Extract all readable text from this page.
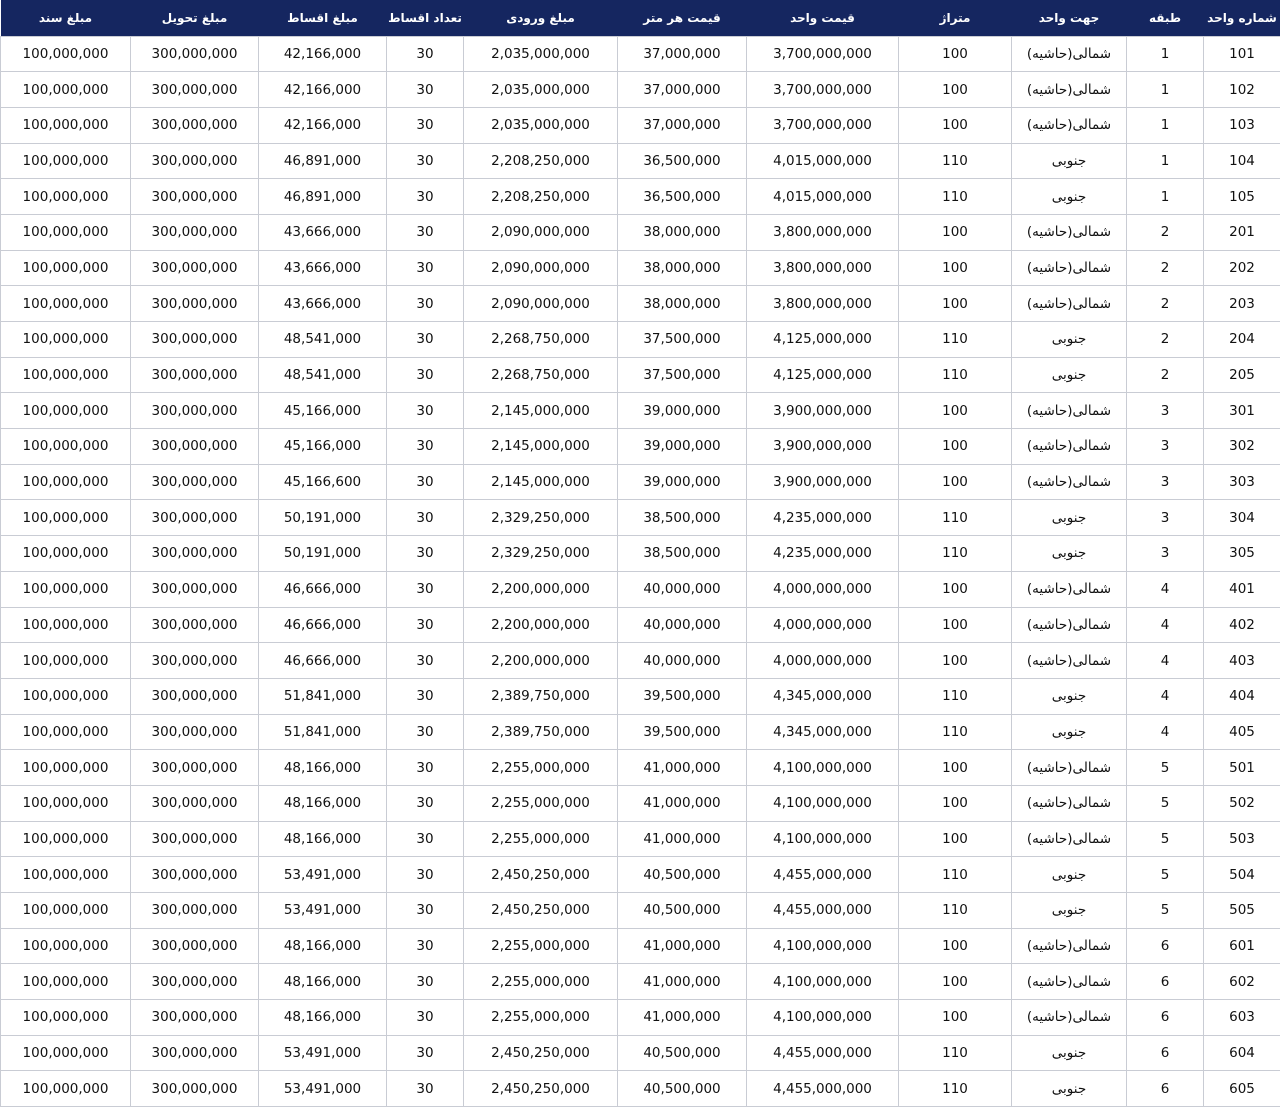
شماره واحد	طبقه	جهت واحد	متراژ	قیمت واحد	قیمت هر متر	مبلغ ورودی	تعداد اقساط	مبلغ اقساط	مبلغ تحویل	مبلغ سند
101	1	شمالی(حاشیه)	100	3,700,000,000	37,000,000	2,035,000,000	30	42,166,000	300,000,000	100,000,000
102	1	شمالی(حاشیه)	100	3,700,000,000	37,000,000	2,035,000,000	30	42,166,000	300,000,000	100,000,000
103	1	شمالی(حاشیه)	100	3,700,000,000	37,000,000	2,035,000,000	30	42,166,000	300,000,000	100,000,000
104	1	جنوبی	110	4,015,000,000	36,500,000	2,208,250,000	30	46,891,000	300,000,000	100,000,000
105	1	جنوبی	110	4,015,000,000	36,500,000	2,208,250,000	30	46,891,000	300,000,000	100,000,000
201	2	شمالی(حاشیه)	100	3,800,000,000	38,000,000	2,090,000,000	30	43,666,000	300,000,000	100,000,000
202	2	شمالی(حاشیه)	100	3,800,000,000	38,000,000	2,090,000,000	30	43,666,000	300,000,000	100,000,000
203	2	شمالی(حاشیه)	100	3,800,000,000	38,000,000	2,090,000,000	30	43,666,000	300,000,000	100,000,000
204	2	جنوبی	110	4,125,000,000	37,500,000	2,268,750,000	30	48,541,000	300,000,000	100,000,000
205	2	جنوبی	110	4,125,000,000	37,500,000	2,268,750,000	30	48,541,000	300,000,000	100,000,000
301	3	شمالی(حاشیه)	100	3,900,000,000	39,000,000	2,145,000,000	30	45,166,000	300,000,000	100,000,000
302	3	شمالی(حاشیه)	100	3,900,000,000	39,000,000	2,145,000,000	30	45,166,000	300,000,000	100,000,000
303	3	شمالی(حاشیه)	100	3,900,000,000	39,000,000	2,145,000,000	30	45,166,600	300,000,000	100,000,000
304	3	جنوبی	110	4,235,000,000	38,500,000	2,329,250,000	30	50,191,000	300,000,000	100,000,000
305	3	جنوبی	110	4,235,000,000	38,500,000	2,329,250,000	30	50,191,000	300,000,000	100,000,000
401	4	شمالی(حاشیه)	100	4,000,000,000	40,000,000	2,200,000,000	30	46,666,000	300,000,000	100,000,000
402	4	شمالی(حاشیه)	100	4,000,000,000	40,000,000	2,200,000,000	30	46,666,000	300,000,000	100,000,000
403	4	شمالی(حاشیه)	100	4,000,000,000	40,000,000	2,200,000,000	30	46,666,000	300,000,000	100,000,000
404	4	جنوبی	110	4,345,000,000	39,500,000	2,389,750,000	30	51,841,000	300,000,000	100,000,000
405	4	جنوبی	110	4,345,000,000	39,500,000	2,389,750,000	30	51,841,000	300,000,000	100,000,000
501	5	شمالی(حاشیه)	100	4,100,000,000	41,000,000	2,255,000,000	30	48,166,000	300,000,000	100,000,000
502	5	شمالی(حاشیه)	100	4,100,000,000	41,000,000	2,255,000,000	30	48,166,000	300,000,000	100,000,000
503	5	شمالی(حاشیه)	100	4,100,000,000	41,000,000	2,255,000,000	30	48,166,000	300,000,000	100,000,000
504	5	جنوبی	110	4,455,000,000	40,500,000	2,450,250,000	30	53,491,000	300,000,000	100,000,000
505	5	جنوبی	110	4,455,000,000	40,500,000	2,450,250,000	30	53,491,000	300,000,000	100,000,000
601	6	شمالی(حاشیه)	100	4,100,000,000	41,000,000	2,255,000,000	30	48,166,000	300,000,000	100,000,000
602	6	شمالی(حاشیه)	100	4,100,000,000	41,000,000	2,255,000,000	30	48,166,000	300,000,000	100,000,000
603	6	شمالی(حاشیه)	100	4,100,000,000	41,000,000	2,255,000,000	30	48,166,000	300,000,000	100,000,000
604	6	جنوبی	110	4,455,000,000	40,500,000	2,450,250,000	30	53,491,000	300,000,000	100,000,000
605	6	جنوبی	110	4,455,000,000	40,500,000	2,450,250,000	30	53,491,000	300,000,000	100,000,000
